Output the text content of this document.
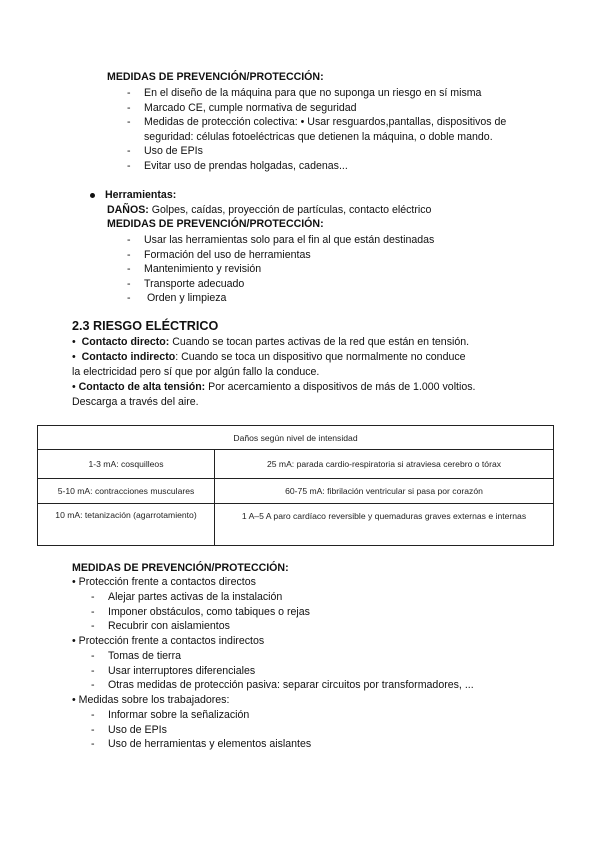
MEDIDAS DE PREVENCIÓN/PROTECCIÓN:
- En el diseño de la máquina para que no suponga un riesgo en sí misma
- Marcado CE, cumple normativa de seguridad
- Medidas de protección colectiva: • Usar resguardos,pantallas, dispositivos de
seguridad: células fotoeléctricas que detienen la máquina, o doble mando.
- Uso de EPIs
- Evitar uso de prendas holgadas, cadenas...
Herramientas:
DAÑOS: Golpes, caídas, proyección de partículas, contacto eléctrico
MEDIDAS DE PREVENCIÓN/PROTECCIÓN:
- Usar las herramientas solo para el fin al que están destinadas
- Formación del uso de herramientas
- Mantenimiento y revisión
- Transporte adecuado
- Orden y limpieza
2.3 RIESGO ELÉCTRICO
•  Contacto directo: Cuando se tocan partes activas de la red que están en tensión.
•  Contacto indirecto: Cuando se toca un dispositivo que normalmente no conduce
la electricidad pero sí que por algún fallo la conduce.
• Contacto de alta tensión: Por acercamiento a dispositivos de más de 1.000 voltios.
Descarga a través del aire.
Daños según nivel de intensidad	
1-3 mA: cosquilleos	25 mA: parada cardio-respiratoria si atraviesa cerebro o tórax
5-10 mA: contracciones musculares	60-75 mA: fibrilación ventricular si pasa por corazón
10 mA: tetanización (agarrotamiento)	1 A–5 A paro cardíaco reversible y quemaduras graves externas e internas
MEDIDAS DE PREVENCIÓN/PROTECCIÓN:
• Protección frente a contactos directos
- Alejar partes activas de la instalación
- Imponer obstáculos, como tabiques o rejas
- Recubrir con aislamientos
• Protección frente a contactos indirectos
- Tomas de tierra
- Usar interruptores diferenciales
- Otras medidas de protección pasiva: separar circuitos por transformadores, ...
• Medidas sobre los trabajadores:
- Informar sobre la señalización
- Uso de EPIs
- Uso de herramientas y elementos aislantes
